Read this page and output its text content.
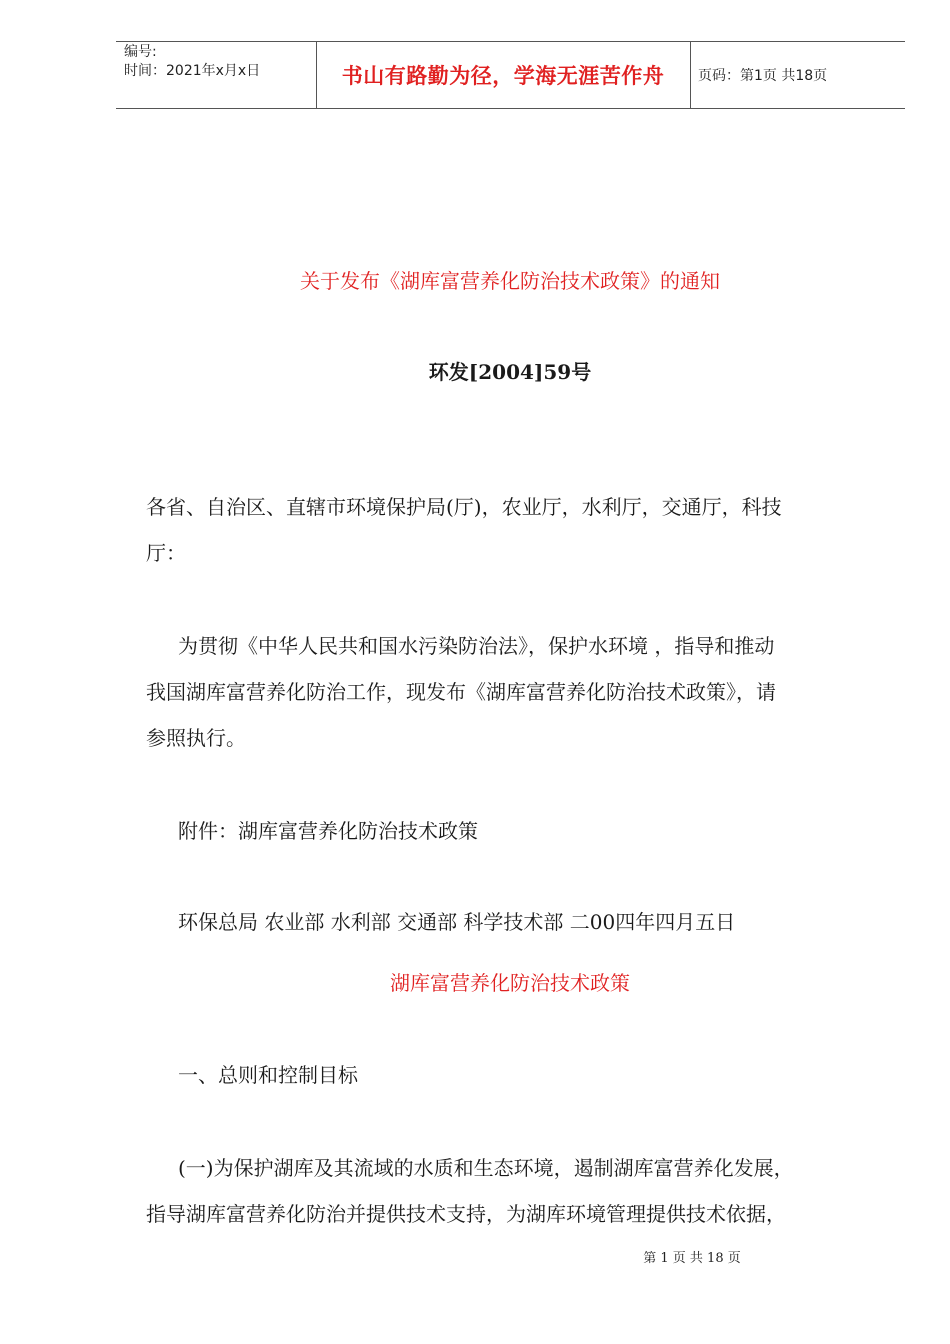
编号:
时间：2021年x月x日	书山有路勤为径，学海无涯苦作舟	页码：第1页 共18页
关于发布《湖库富营养化防治技术政策》的通知
环发[2004]59号
各省、自治区、直辖市环境保护局(厅)，农业厅，水利厅，交通厅，科技
厅：
为贯彻《中华人民共和国水污染防治法》，保护水环境 ，指导和推动
我国湖库富营养化防治工作，现发布《湖库富营养化防治技术政策》，请
参照执行。
附件：湖库富营养化防治技术政策
环保总局 农业部 水利部 交通部 科学技术部 二00四年四月五日
湖库富营养化防治技术政策
一、总则和控制目标
(一)为保护湖库及其流域的水质和生态环境，遏制湖库富营养化发展，
指导湖库富营养化防治并提供技术支持，为湖库环境管理提供技术依据，
第 1 页 共 18 页
